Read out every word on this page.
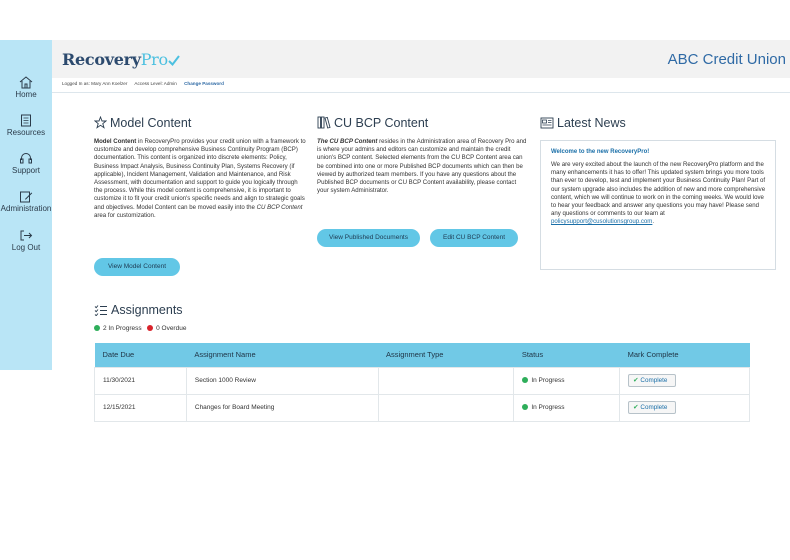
Home
Resources
Support
Administration
Log Out
RecoveryPro	ABC Credit Union
Logged In as: Mary Ann Koelzer Access Level: Admin Change Password
Model Content
Model Content in RecoveryPro provides your credit union with a framework to customize and develop comprehensive Business Continuity Program (BCP) documentation. This content is organized into discrete elements: Policy, Business Impact Analysis, Business Continuity Plan, Systems Recovery (if applicable), Incident Management, Validation and Maintenance, and Risk Assessment, with documentation and support to guide you logically through the process. While this model content is comprehensive, it is important to customize it to fit your credit union's specific needs and align to strategic goals and objectives. Model Content can be moved easily into the CU BCP Content area for customization.
View Model Content
CU BCP Content
The CU BCP Content resides in the Administration area of Recovery Pro and is where your admins and editors can customize and maintain the credit union's BCP content. Selected elements from the CU BCP Content area can be combined into one or more Published BCP documents which can then be viewed by authorized team members. If you have any questions about the Published BCP documents or CU BCP Content availability, please contact your system Administrator.
View Published Documents	Edit CU BCP Content
Latest News
Welcome to the new RecoveryPro!
We are very excited about the launch of the new RecoveryPro platform and the many enhancements it has to offer! This updated system brings you more tools than ever to develop, test and implement your Business Continuity Plan! Part of our system upgrade also includes the addition of new and more comprehensive content, which we will continue to work on in the coming weeks. We would love to hear your feedback and answer any questions you may have! Please send any questions or comments to our team at policysupport@cusolutionsgroup.com.
Assignments
2 In Progress 0 Overdue
Date Due	Assignment Name	Assignment Type	Status	Mark Complete
11/30/2021	Section 1000 Review		In Progress	✔ Complete
12/15/2021	Changes for Board Meeting		In Progress	✔ Complete
